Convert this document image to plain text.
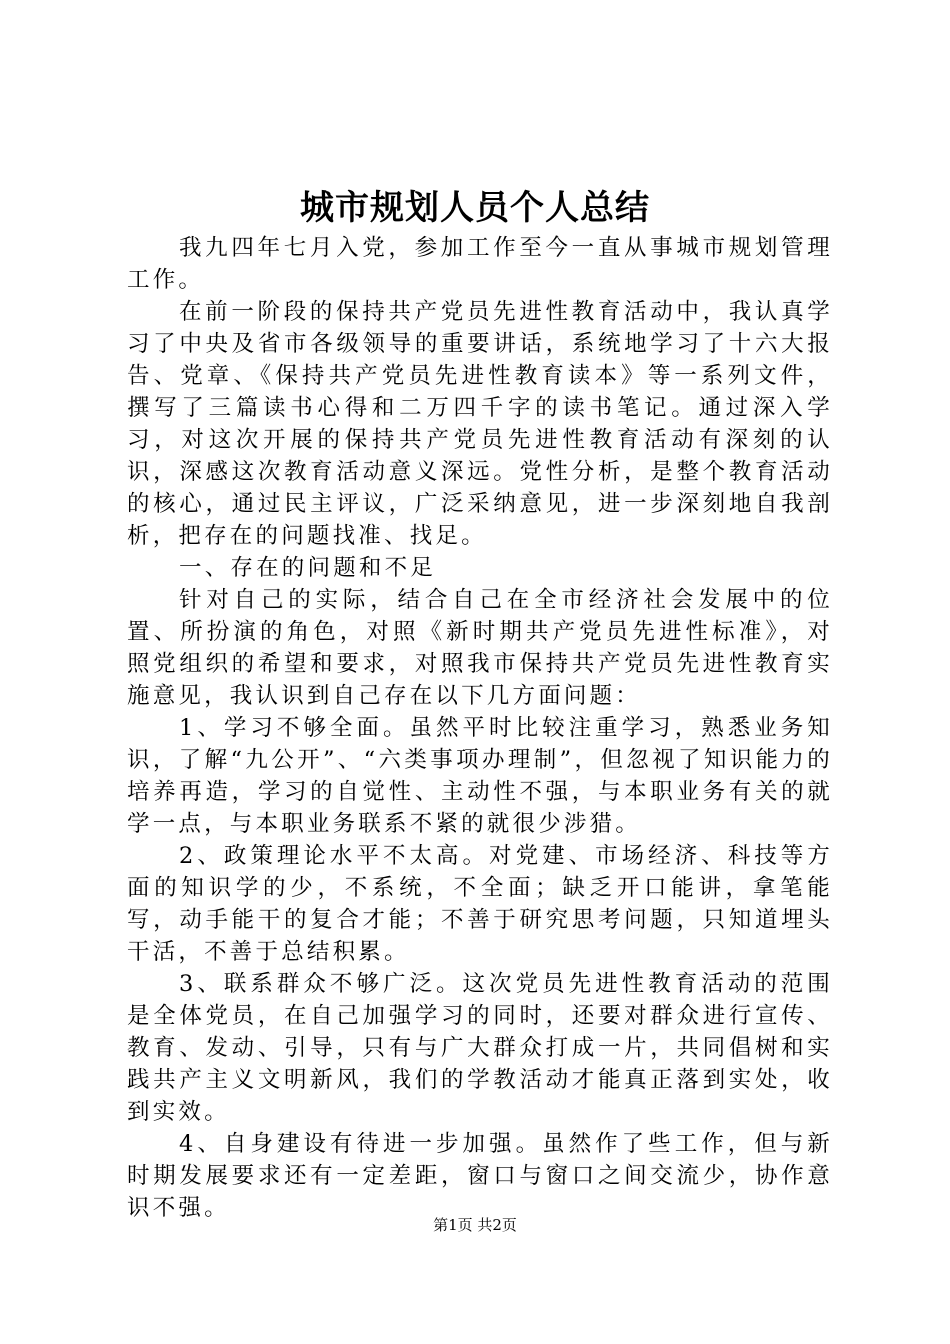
城市规划人员个人总结

我九四年七月入党，参加工作至今一直从事城市规划管理工作。

在前一阶段的保持共产党员先进性教育活动中，我认真学习了中央及省市各级领导的重要讲话，系统地学习了十六大报告、党章、《保持共产党员先进性教育读本》等一系列文件，撰写了三篇读书心得和二万四千字的读书笔记。通过深入学习，对这次开展的保持共产党员先进性教育活动有深刻的认识，深感这次教育活动意义深远。党性分析，是整个教育活动的核心，通过民主评议，广泛采纳意见，进一步深刻地自我剖析，把存在的问题找准、找足。

一、存在的问题和不足

针对自己的实际，结合自己在全市经济社会发展中的位置、所扮演的角色，对照《新时期共产党员先进性标准》，对照党组织的希望和要求，对照我市保持共产党员先进性教育实施意见，我认识到自己存在以下几方面问题：

1、学习不够全面。虽然平时比较注重学习，熟悉业务知识，了解“九公开”、“六类事项办理制”，但忽视了知识能力的培养再造，学习的自觉性、主动性不强，与本职业务有关的就学一点，与本职业务联系不紧的就很少涉猎。

2、政策理论水平不太高。对党建、市场经济、科技等方面的知识学的少，不系统，不全面；缺乏开口能讲，拿笔能写，动手能干的复合才能；不善于研究思考问题，只知道埋头干活，不善于总结积累。

3、联系群众不够广泛。这次党员先进性教育活动的范围是全体党员，在自己加强学习的同时，还要对群众进行宣传、教育、发动、引导，只有与广大群众打成一片，共同倡树和实践共产主义文明新风，我们的学教活动才能真正落到实处，收到实效。

4、自身建设有待进一步加强。虽然作了些工作，但与新时期发展要求还有一定差距，窗口与窗口之间交流少，协作意识不强。

第1页 共2页
